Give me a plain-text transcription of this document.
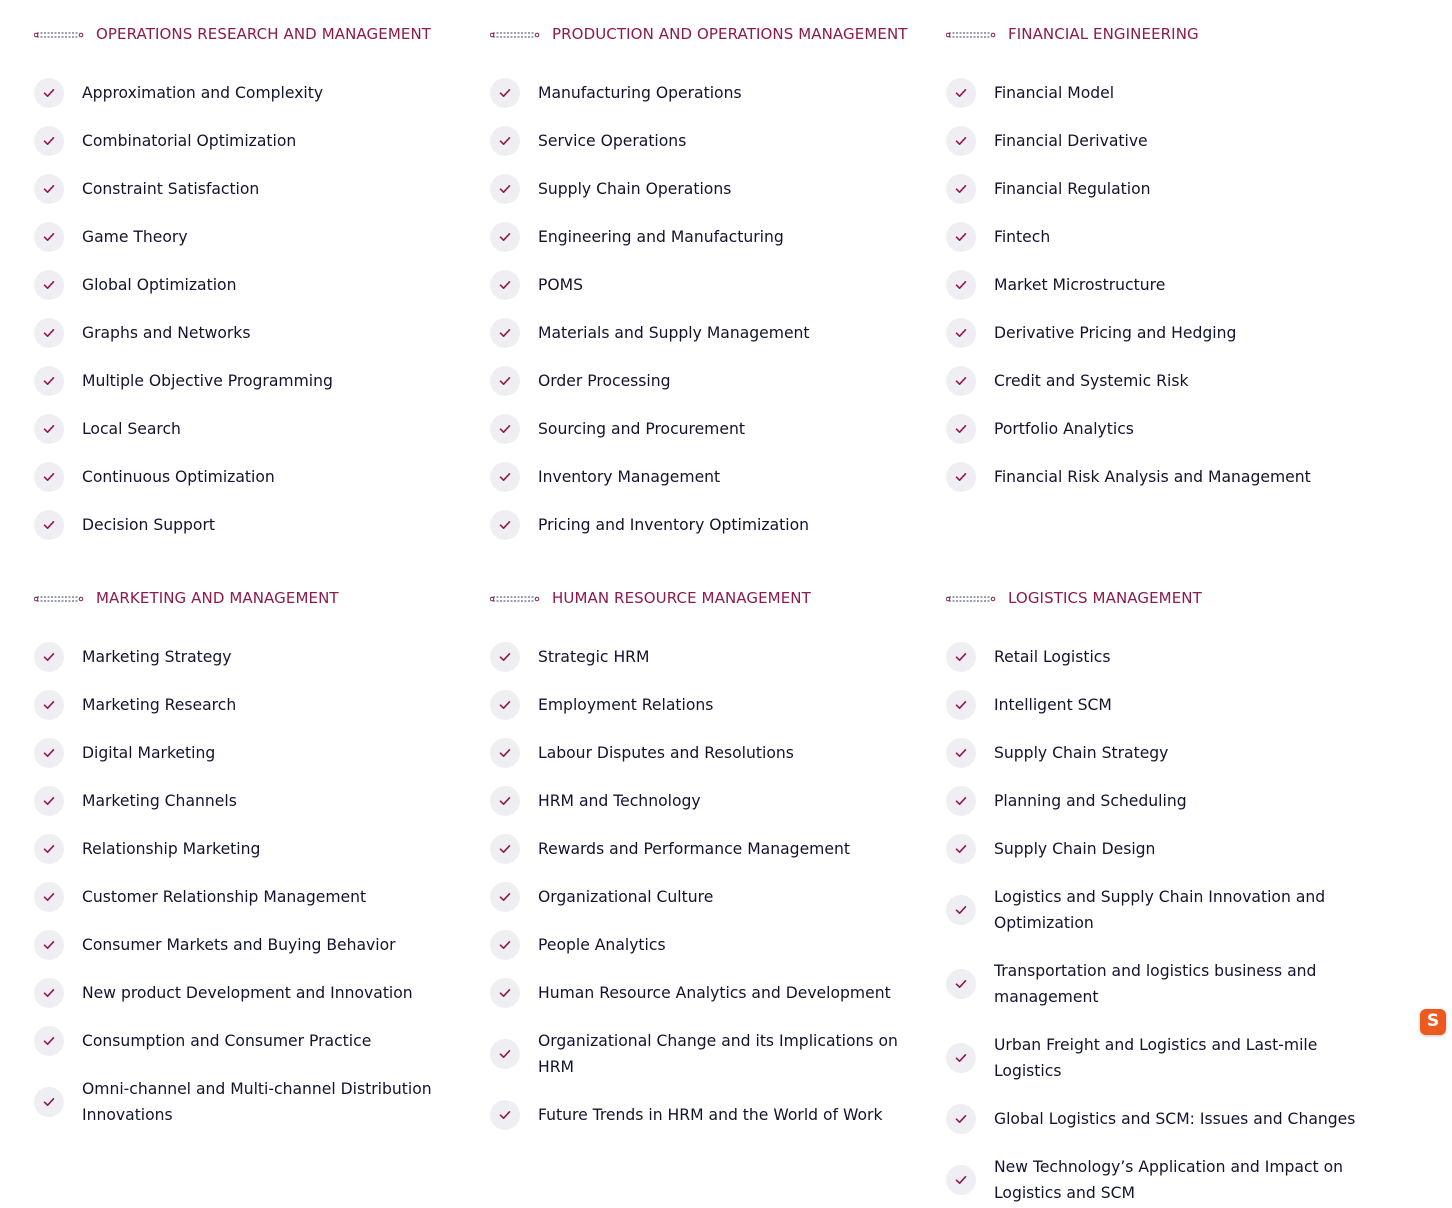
OPERATIONS RESEARCH AND MANAGEMENT
Approximation and Complexity
Combinatorial Optimization
Constraint Satisfaction
Game Theory
Global Optimization
Graphs and Networks
Multiple Objective Programming
Local Search
Continuous Optimization
Decision Support
PRODUCTION AND OPERATIONS MANAGEMENT
Manufacturing Operations
Service Operations
Supply Chain Operations
Engineering and Manufacturing
POMS
Materials and Supply Management
Order Processing
Sourcing and Procurement
Inventory Management
Pricing and Inventory Optimization
FINANCIAL ENGINEERING
Financial Model
Financial Derivative
Financial Regulation
Fintech
Market Microstructure
Derivative Pricing and Hedging
Credit and Systemic Risk
Portfolio Analytics
Financial Risk Analysis and Management
MARKETING AND MANAGEMENT
Marketing Strategy
Marketing Research
Digital Marketing
Marketing Channels
Relationship Marketing
Customer Relationship Management
Consumer Markets and Buying Behavior
New product Development and Innovation
Consumption and Consumer Practice
Omni-channel and Multi-channel Distribution Innovations
HUMAN RESOURCE MANAGEMENT
Strategic HRM
Employment Relations
Labour Disputes and Resolutions
HRM and Technology
Rewards and Performance Management
Organizational Culture
People Analytics
Human Resource Analytics and Development
Organizational Change and its Implications on HRM
Future Trends in HRM and the World of Work
LOGISTICS MANAGEMENT
Retail Logistics
Intelligent SCM
Supply Chain Strategy
Planning and Scheduling
Supply Chain Design
Logistics and Supply Chain Innovation and Optimization
Transportation and logistics business and management
Urban Freight and Logistics and Last-mile Logistics
Global Logistics and SCM: Issues and Changes
New Technology’s Application and Impact on Logistics and SCM
S
